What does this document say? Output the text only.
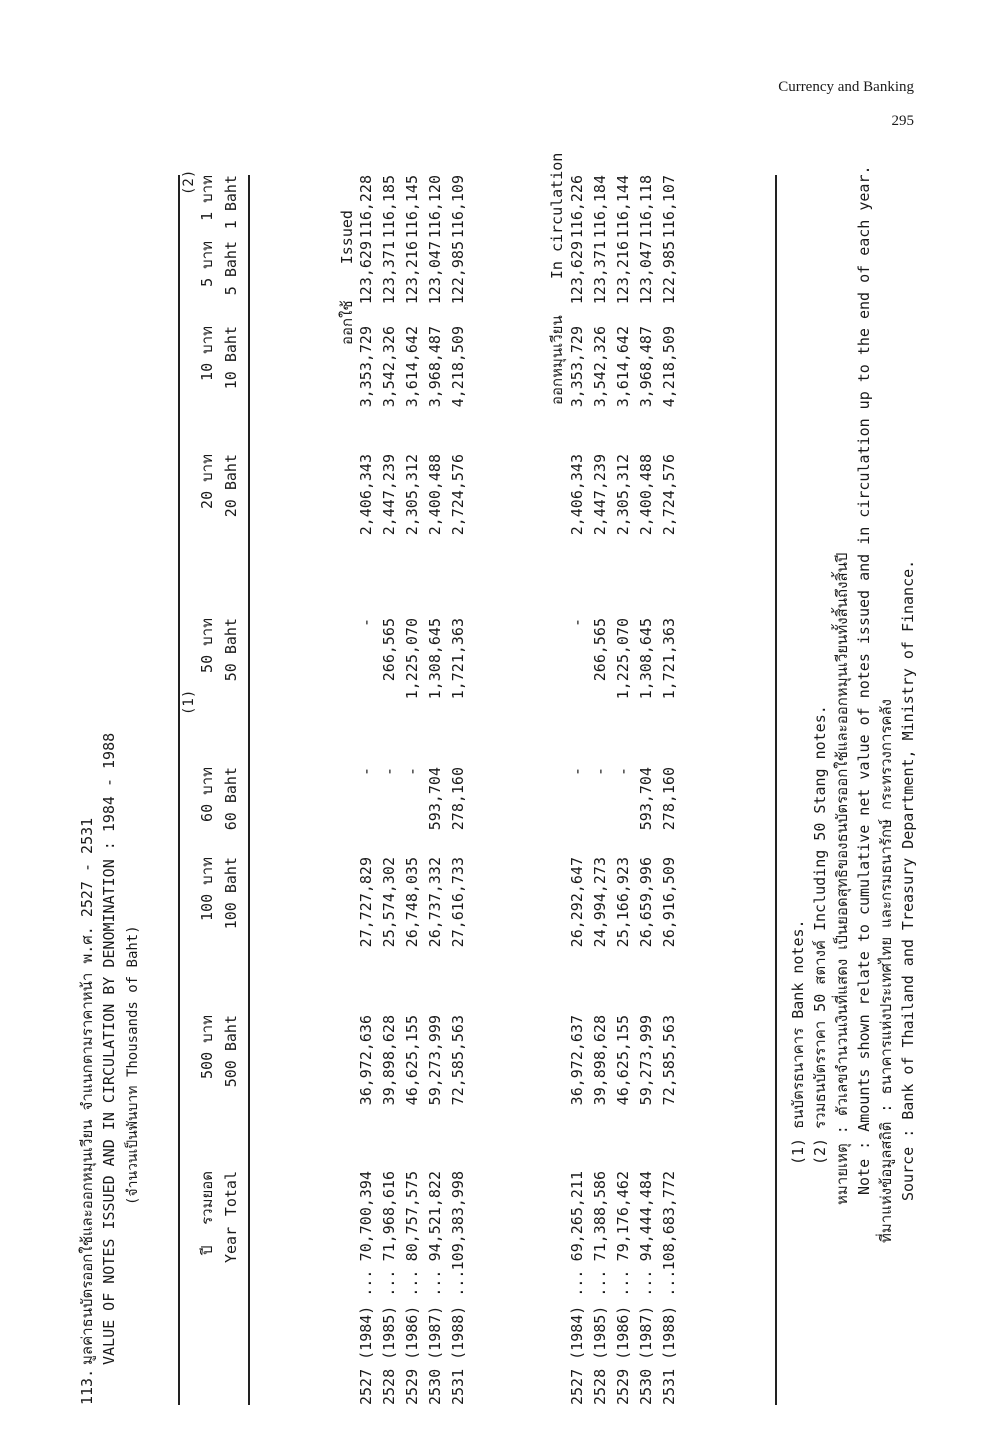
Currency and Banking
295
113.
มูลค่าธนบัตรออกใช้และออกหมุนเวียน จำแนกตามราคาหน้า พ.ศ. 2527 - 2531 VALUE OF NOTES ISSUED AND IN CIRCULATION BY DENOMINATION : 1984 - 1988 (จำนวนเป็นพันบาท Thousands of Baht)
(1)
(2)
ออกใช้    Issued
ออกหมุนเวียน    In circulation
(1) ธนบัตรธนาคาร Bank notes. (2) รวมธนบัตรราคา 50 สตางค์ Including 50 Stang notes. หมายเหตุ : ตัวเลขจำนวนเงินที่แสดง เป็นยอดสุทธิของธนบัตรออกใช้และออกหมุนเวียนทั้งสิ้นถึงสิ้นปี Note : Amounts shown relate to cumulative net value of notes issued and in circulation up to the end of each year. ที่มาแห่งข้อมูลสถิติ : ธนาคารแห่งประเทศไทย และกรมธนารักษ์ กระทรวงการคลัง Source : Bank of Thailand and Treasury Department, Ministry of Finance.
ปี Year
รวมยอด Total
500 บาท 500 Baht
100 บาท 100 Baht
60 บาท 60 Baht
50 บาท 50 Baht
20 บาท 20 Baht
10 บาท 10 Baht
5 บาท 5 Baht
1 บาท 1 Baht
2527 (1984) ...
70,700,394
36,972,636
27,727,829
-
-
2,406,343
3,353,729
123,629
116,228
2528 (1985) ...
71,968,616
39,898,628
25,574,302
-
266,565
2,447,239
3,542,326
123,371
116,185
2529 (1986) ...
80,757,575
46,625,155
26,748,035
-
1,225,070
2,305,312
3,614,642
123,216
116,145
2530 (1987) ...
94,521,822
59,273,999
26,737,332
593,704
1,308,645
2,400,488
3,968,487
123,047
116,120
2531 (1988) ...
109,383,998
72,585,563
27,616,733
278,160
1,721,363
2,724,576
4,218,509
122,985
116,109
2527 (1984) ...
69,265,211
36,972,637
26,292,647
-
-
2,406,343
3,353,729
123,629
116,226
2528 (1985) ...
71,388,586
39,898,628
24,994,273
-
266,565
2,447,239
3,542,326
123,371
116,184
2529 (1986) ...
79,176,462
46,625,155
25,166,923
-
1,225,070
2,305,312
3,614,642
123,216
116,144
2530 (1987) ...
94,444,484
59,273,999
26,659,996
593,704
1,308,645
2,400,488
3,968,487
123,047
116,118
2531 (1988) ...
108,683,772
72,585,563
26,916,509
278,160
1,721,363
2,724,576
4,218,509
122,985
116,107
